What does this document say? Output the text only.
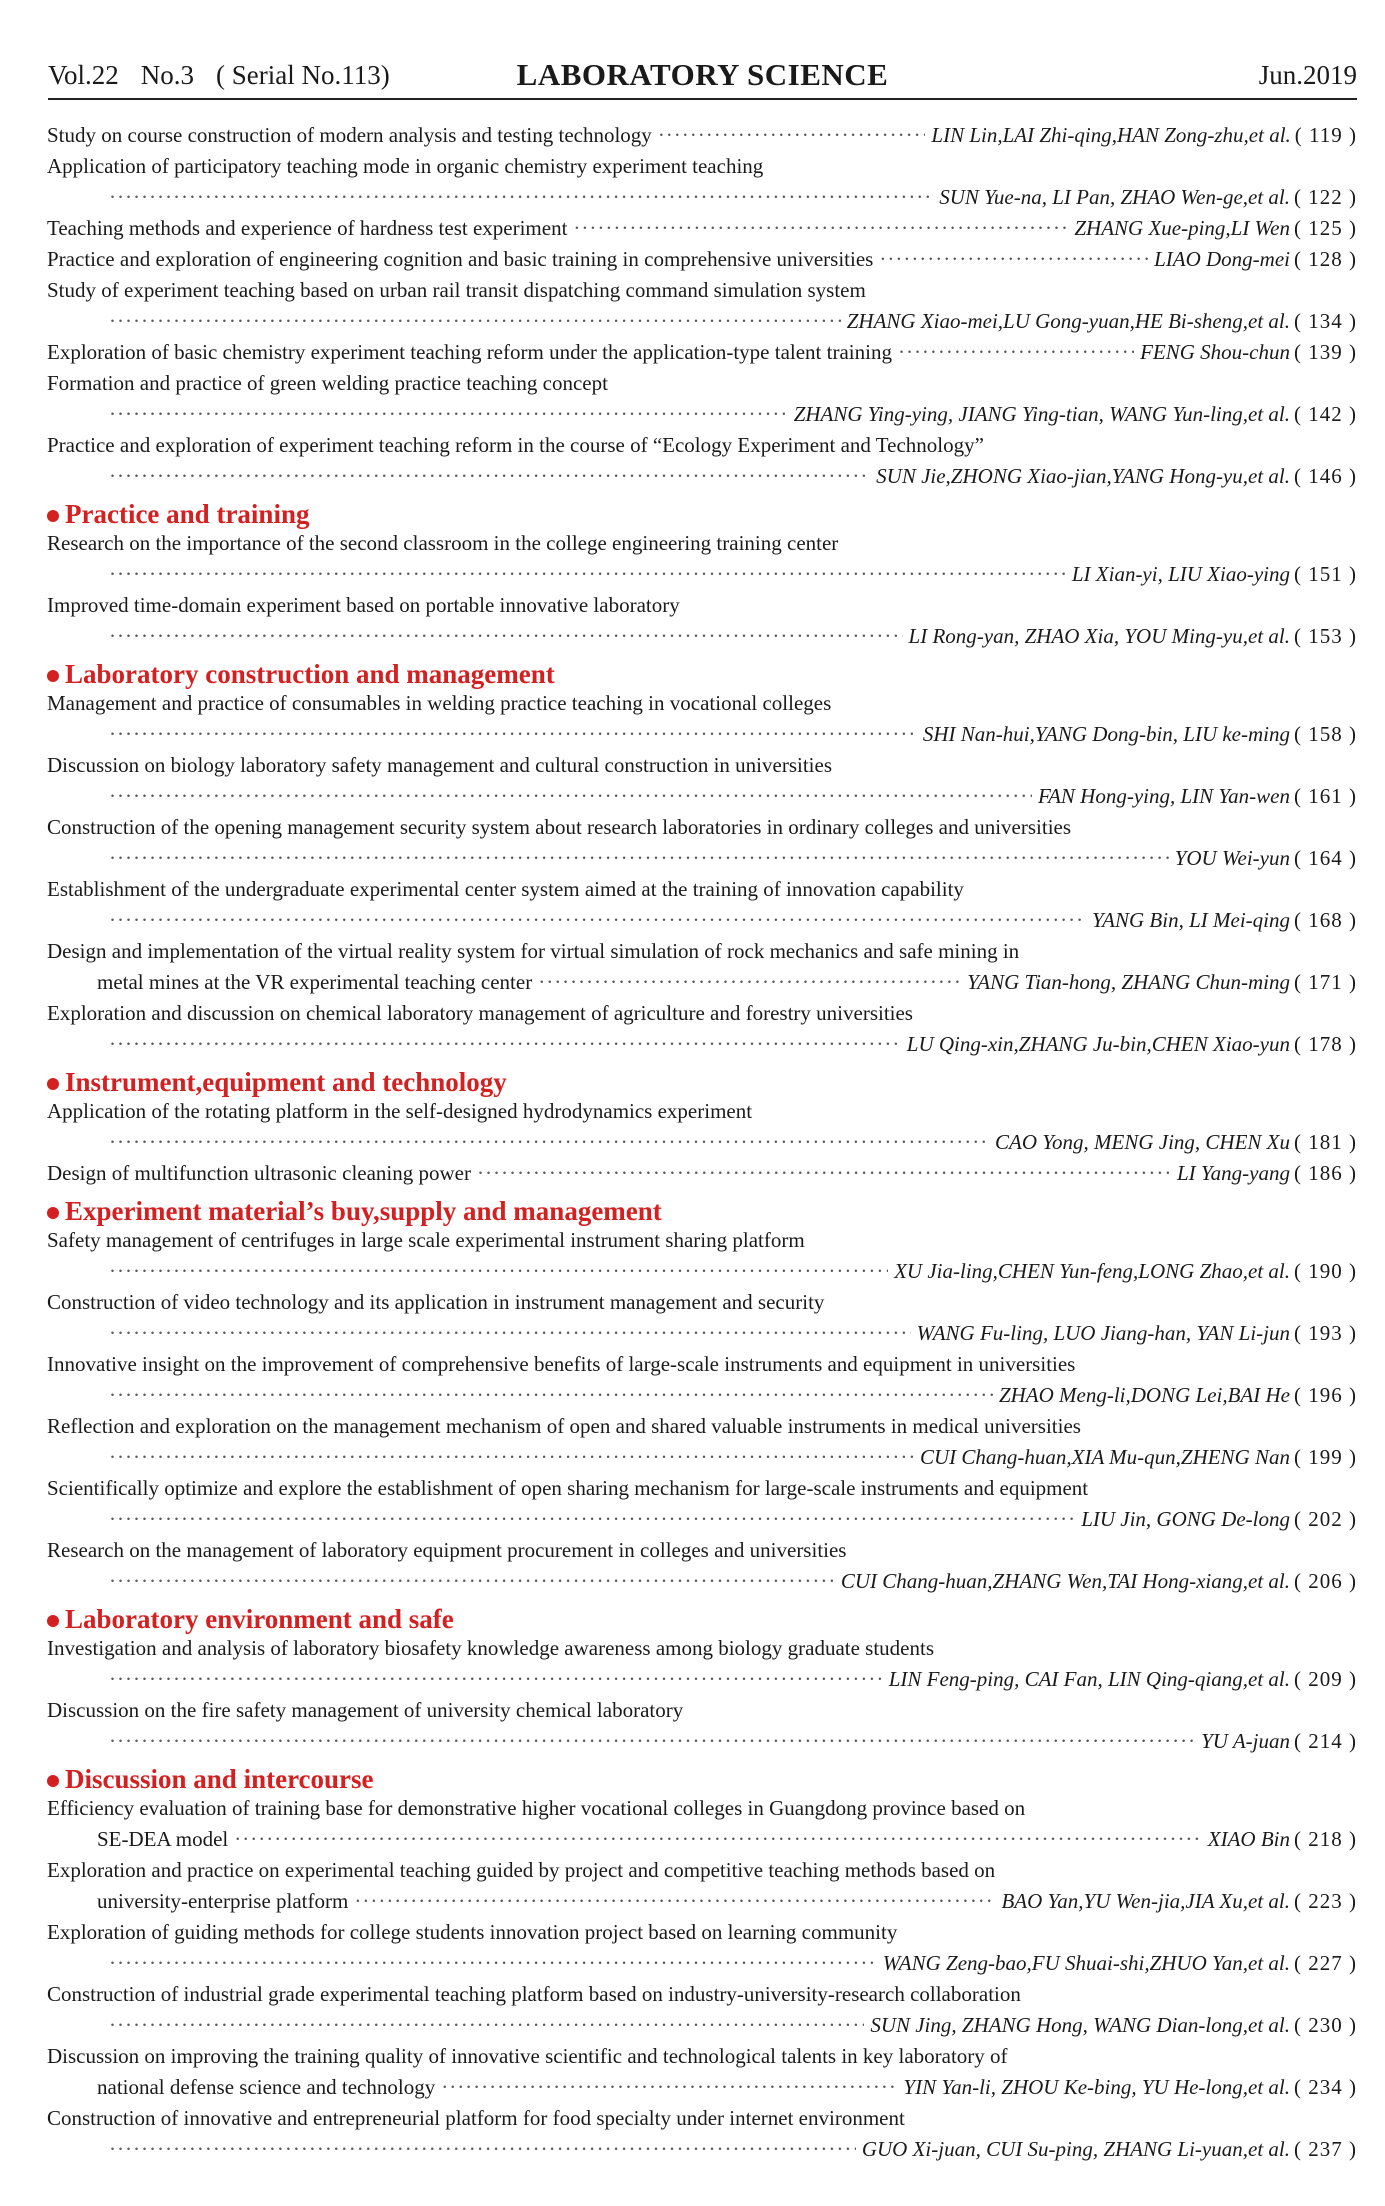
Vol.22 No.3 ( Serial No.113)	LABORATORY SCIENCE	Jun.2019
Study on course construction of modern analysis and testing technology ·····	LIN Lin,LAI Zhi-qing,HAN Zong-zhu,et al. ( 119 )
Application of participatory teaching mode in organic chemistry experiment teaching
·····
SUN Yue-na, LI Pan, ZHAO Wen-ge,et al. ( 122 )
Teaching methods and experience of hardness test experiment ·····	ZHANG Xue-ping,LI Wen ( 125 )
Practice and exploration of engineering cognition and basic training in comprehensive universities ·····	LIAO Dong-mei ( 128 )
Study of experiment teaching based on urban rail transit dispatching command simulation system
·····
ZHANG Xiao-mei,LU Gong-yuan,HE Bi-sheng,et al. ( 134 )
Exploration of basic chemistry experiment teaching reform under the application-type talent training ·····	FENG Shou-chun ( 139 )
Formation and practice of green welding practice teaching concept
·····
ZHANG Ying-ying, JIANG Ying-tian, WANG Yun-ling,et al. ( 142 )
Practice and exploration of experiment teaching reform in the course of “Ecology Experiment and Technology”
·····
SUN Jie,ZHONG Xiao-jian,YANG Hong-yu,et al. ( 146 )
Practice and training
Research on the importance of the second classroom in the college engineering training center
·····
LI Xian-yi, LIU Xiao-ying ( 151 )
Improved time-domain experiment based on portable innovative laboratory
·····
LI Rong-yan, ZHAO Xia, YOU Ming-yu,et al. ( 153 )
Laboratory construction and management
Management and practice of consumables in welding practice teaching in vocational colleges
·····
SHI Nan-hui,YANG Dong-bin, LIU ke-ming ( 158 )
Discussion on biology laboratory safety management and cultural construction in universities
·····
FAN Hong-ying, LIN Yan-wen ( 161 )
Construction of the opening management security system about research laboratories in ordinary colleges and universities
·····
YOU Wei-yun ( 164 )
Establishment of the undergraduate experimental center system aimed at the training of innovation capability
·····
YANG Bin, LI Mei-qing ( 168 )
Design and implementation of the virtual reality system for virtual simulation of rock mechanics and safe mining in
metal mines at the VR experimental teaching center ·····	YANG Tian-hong, ZHANG Chun-ming ( 171 )
Exploration and discussion on chemical laboratory management of agriculture and forestry universities
·····
LU Qing-xin,ZHANG Ju-bin,CHEN Xiao-yun ( 178 )
Instrument,equipment and technology
Application of the rotating platform in the self-designed hydrodynamics experiment
·····
CAO Yong, MENG Jing, CHEN Xu ( 181 )
Design of multifunction ultrasonic cleaning power ·····	LI Yang-yang ( 186 )
Experiment material’s buy,supply and management
Safety management of centrifuges in large scale experimental instrument sharing platform
·····
XU Jia-ling,CHEN Yun-feng,LONG Zhao,et al. ( 190 )
Construction of video technology and its application in instrument management and security
·····
WANG Fu-ling, LUO Jiang-han, YAN Li-jun ( 193 )
Innovative insight on the improvement of comprehensive benefits of large-scale instruments and equipment in universities
·····
ZHAO Meng-li,DONG Lei,BAI He ( 196 )
Reflection and exploration on the management mechanism of open and shared valuable instruments in medical universities
·····
CUI Chang-huan,XIA Mu-qun,ZHENG Nan ( 199 )
Scientifically optimize and explore the establishment of open sharing mechanism for large-scale instruments and equipment
·····
LIU Jin, GONG De-long ( 202 )
Research on the management of laboratory equipment procurement in colleges and universities
·····
CUI Chang-huan,ZHANG Wen,TAI Hong-xiang,et al. ( 206 )
Laboratory environment and safe
Investigation and analysis of laboratory biosafety knowledge awareness among biology graduate students
·····
LIN Feng-ping, CAI Fan, LIN Qing-qiang,et al. ( 209 )
Discussion on the fire safety management of university chemical laboratory
·····
YU A-juan ( 214 )
Discussion and intercourse
Efficiency evaluation of training base for demonstrative higher vocational colleges in Guangdong province based on
SE-DEA model ·····	XIAO Bin ( 218 )
Exploration and practice on experimental teaching guided by project and competitive teaching methods based on
university-enterprise platform ·····	BAO Yan,YU Wen-jia,JIA Xu,et al. ( 223 )
Exploration of guiding methods for college students innovation project based on learning community
·····
WANG Zeng-bao,FU Shuai-shi,ZHUO Yan,et al. ( 227 )
Construction of industrial grade experimental teaching platform based on industry-university-research collaboration
·····
SUN Jing, ZHANG Hong, WANG Dian-long,et al. ( 230 )
Discussion on improving the training quality of innovative scientific and technological talents in key laboratory of
national defense science and technology ·····	YIN Yan-li, ZHOU Ke-bing, YU He-long,et al. ( 234 )
Construction of innovative and entrepreneurial platform for food specialty under internet environment
·····
GUO Xi-juan, CUI Su-ping, ZHANG Li-yuan,et al. ( 237 )
